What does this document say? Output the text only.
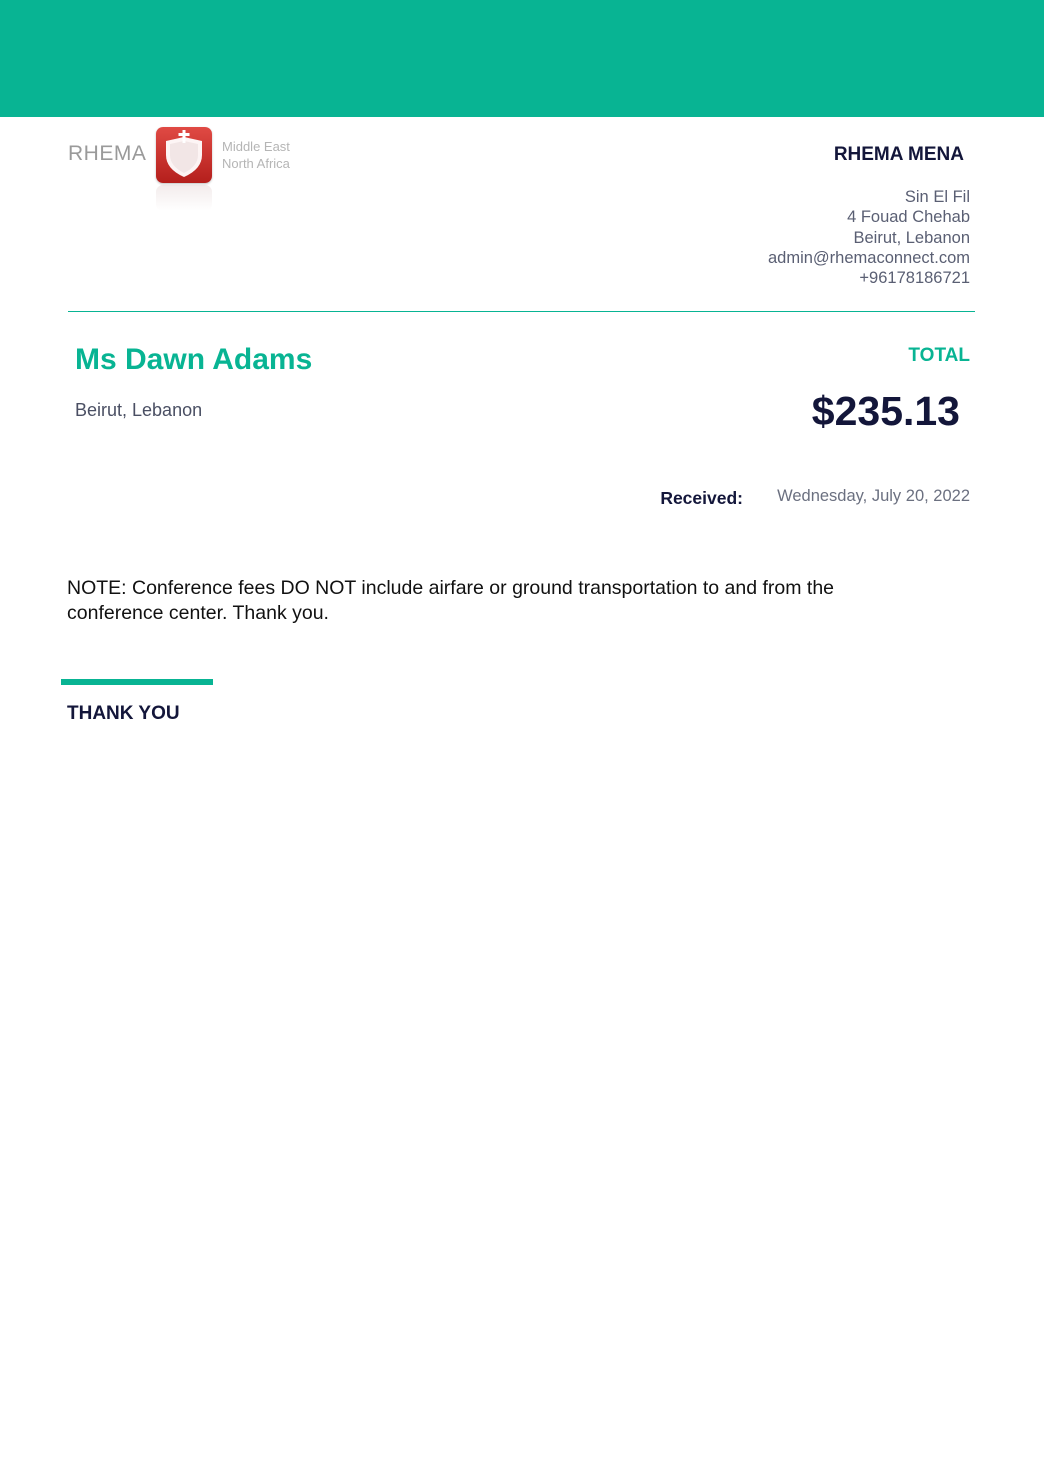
RHEMA	Middle East
North Africa	RHEMA MENA
Sin El Fil
4 Fouad Chehab
Beirut, Lebanon
admin@rhemaconnect.com
+96178186721
Ms Dawn Adams
Beirut, Lebanon
TOTAL
$235.13
Received: Wednesday, July 20, 2022
NOTE: Conference fees DO NOT include airfare or ground transportation to and from the conference center. Thank you.
THANK YOU
